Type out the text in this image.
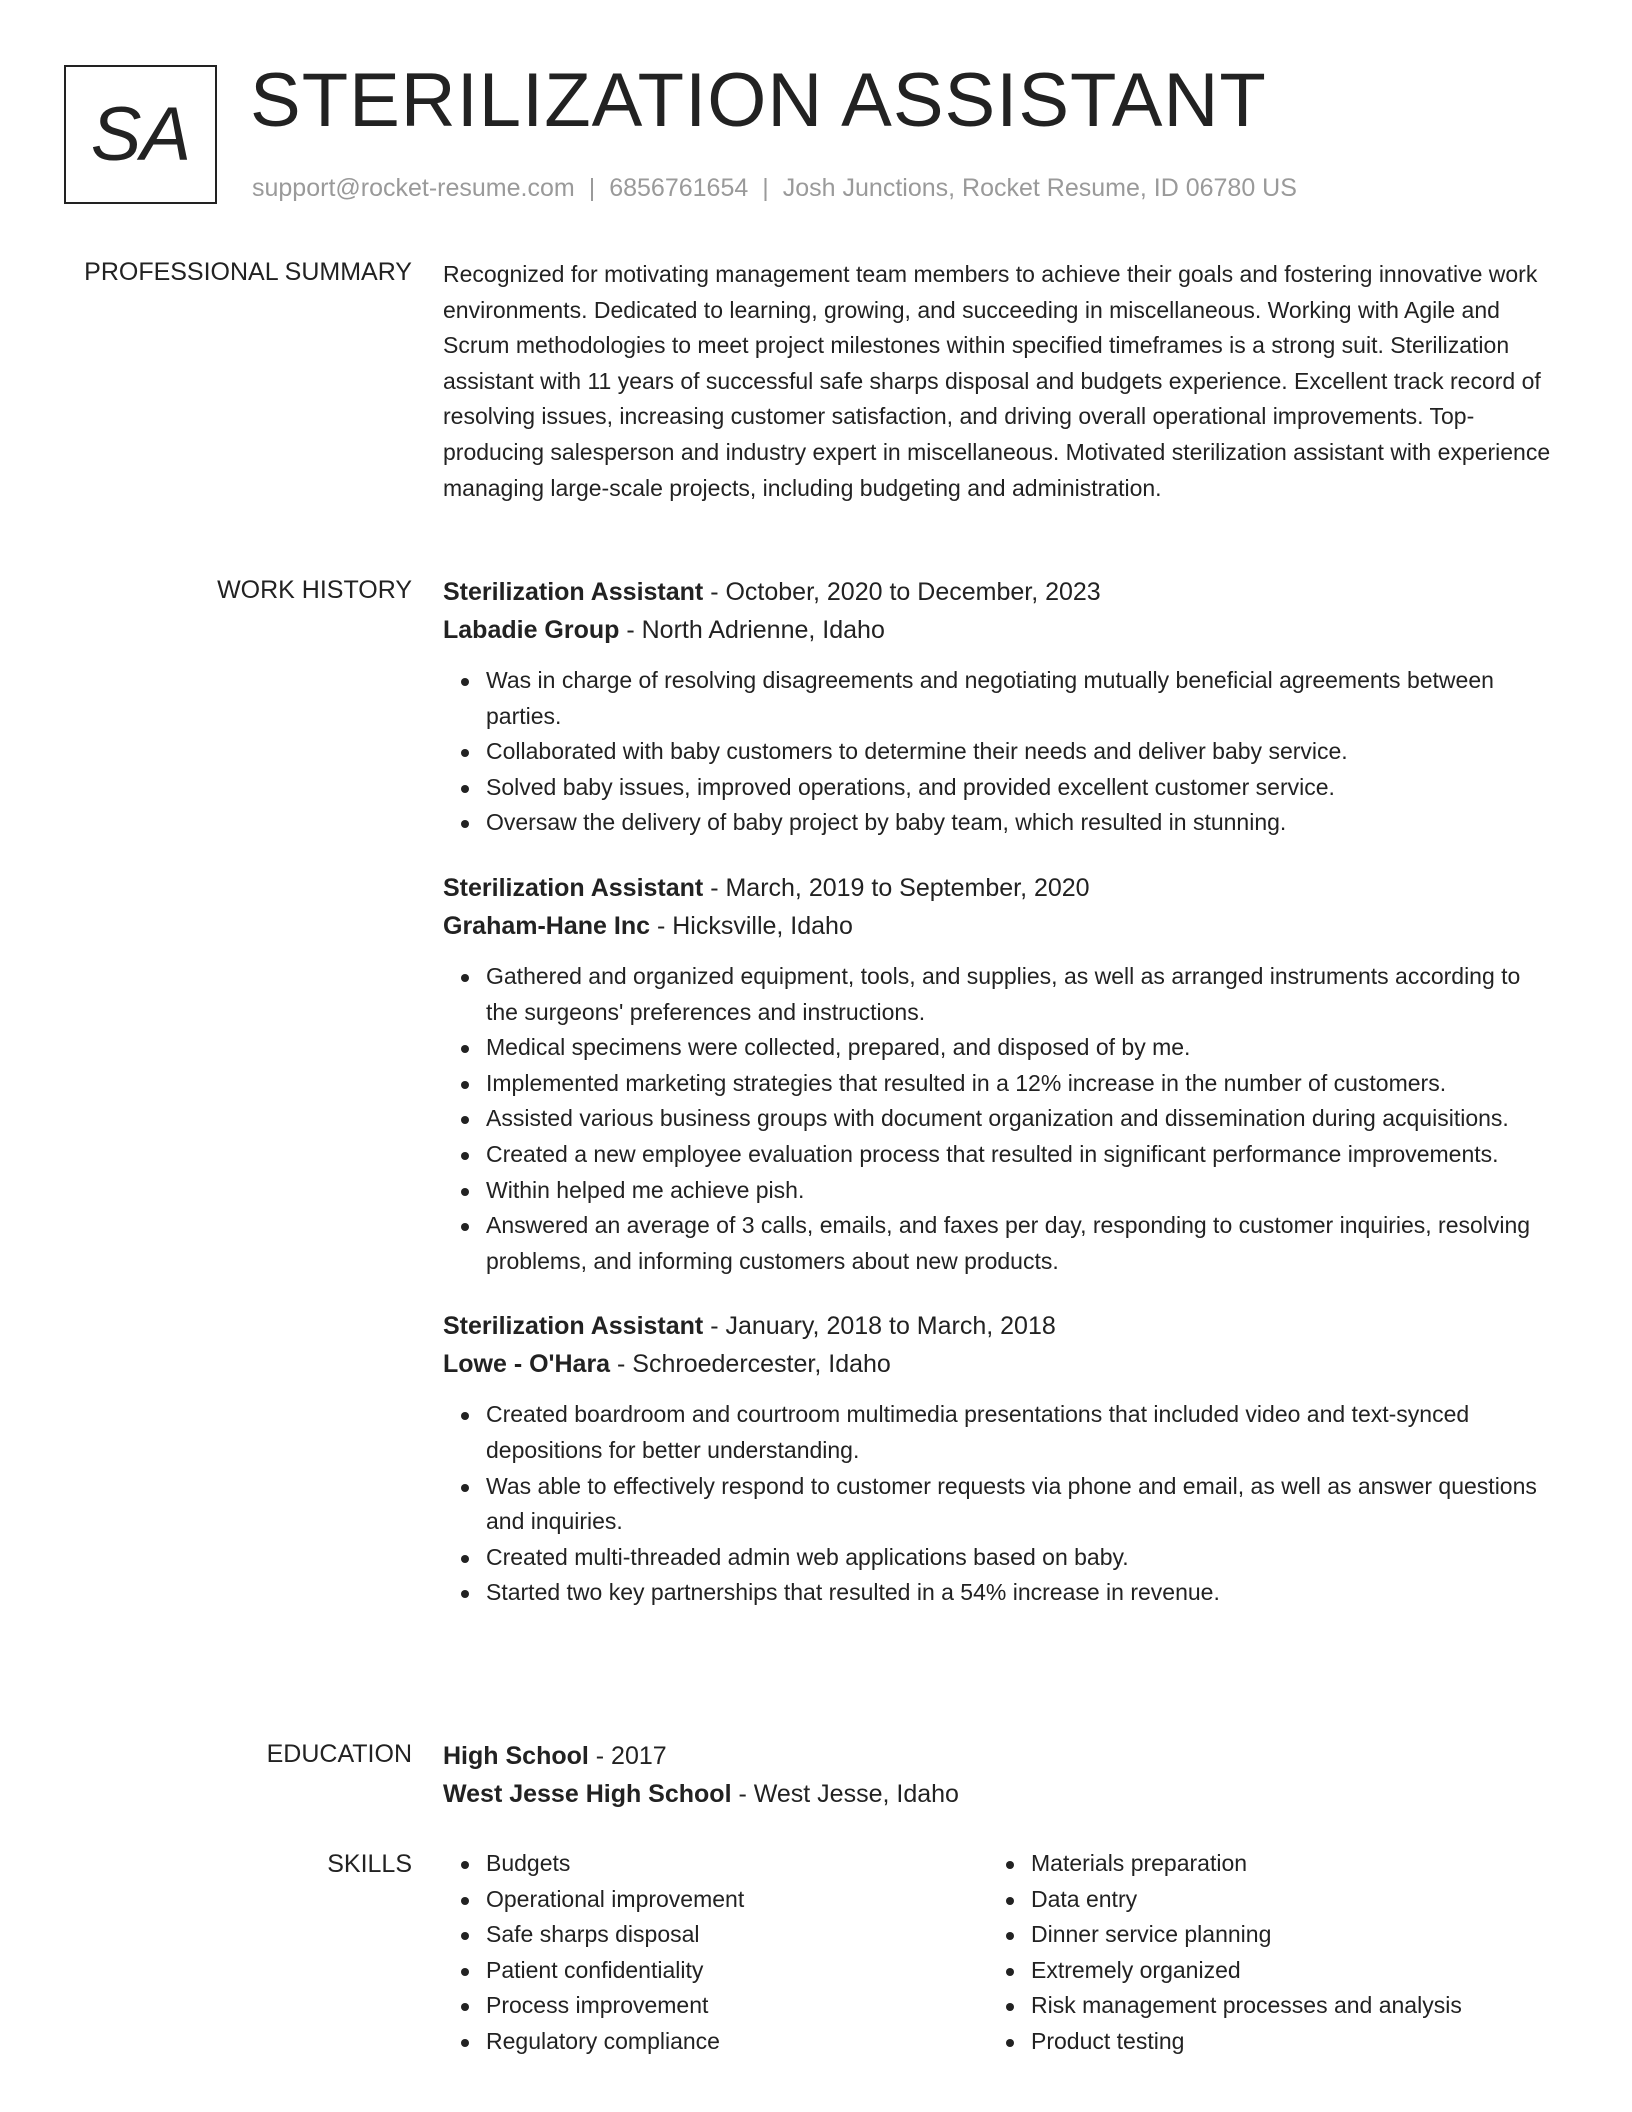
SA STERILIZATION ASSISTANT
support@rocket-resume.com | 6856761654 | Josh Junctions, Rocket Resume, ID 06780 US
PROFESSIONAL SUMMARY Recognized for motivating management team members to achieve their goals and fostering innovative work environments. Dedicated to learning, growing, and succeeding in miscellaneous. Working with Agile and Scrum methodologies to meet project milestones within specified timeframes is a strong suit. Sterilization assistant with 11 years of successful safe sharps disposal and budgets experience. Excellent track record of resolving issues, increasing customer satisfaction, and driving overall operational improvements. Top-producing salesperson and industry expert in miscellaneous. Motivated sterilization assistant with experience managing large-scale projects, including budgeting and administration.

WORK HISTORY Sterilization Assistant - October, 2020 to December, 2023
Labadie Group - North Adrienne, Idaho
Was in charge of resolving disagreements and negotiating mutually beneficial agreements between parties.
Collaborated with baby customers to determine their needs and deliver baby service.
Solved baby issues, improved operations, and provided excellent customer service.
Oversaw the delivery of baby project by baby team, which resulted in stunning.
Sterilization Assistant - March, 2019 to September, 2020
Graham-Hane Inc - Hicksville, Idaho
Gathered and organized equipment, tools, and supplies, as well as arranged instruments according to the surgeons' preferences and instructions.
Medical specimens were collected, prepared, and disposed of by me.
Implemented marketing strategies that resulted in a 12% increase in the number of customers.
Assisted various business groups with document organization and dissemination during acquisitions.
Created a new employee evaluation process that resulted in significant performance improvements.
Within helped me achieve pish.
Answered an average of 3 calls, emails, and faxes per day, responding to customer inquiries, resolving problems, and informing customers about new products.
Sterilization Assistant - January, 2018 to March, 2018
Lowe - O'Hara - Schroedercester, Idaho
Created boardroom and courtroom multimedia presentations that included video and text-synced depositions for better understanding.
Was able to effectively respond to customer requests via phone and email, as well as answer questions and inquiries.
Created multi-threaded admin web applications based on baby.
Started two key partnerships that resulted in a 54% increase in revenue.
EDUCATION High School - 2017
West Jesse High School - West Jesse, Idaho
SKILLS	Budgets
Operational improvement
Safe sharps disposal
Patient confidentiality
Process improvement
Regulatory compliance
Materials preparation
Data entry
Dinner service planning
Extremely organized
Risk management processes and analysis
Product testing
